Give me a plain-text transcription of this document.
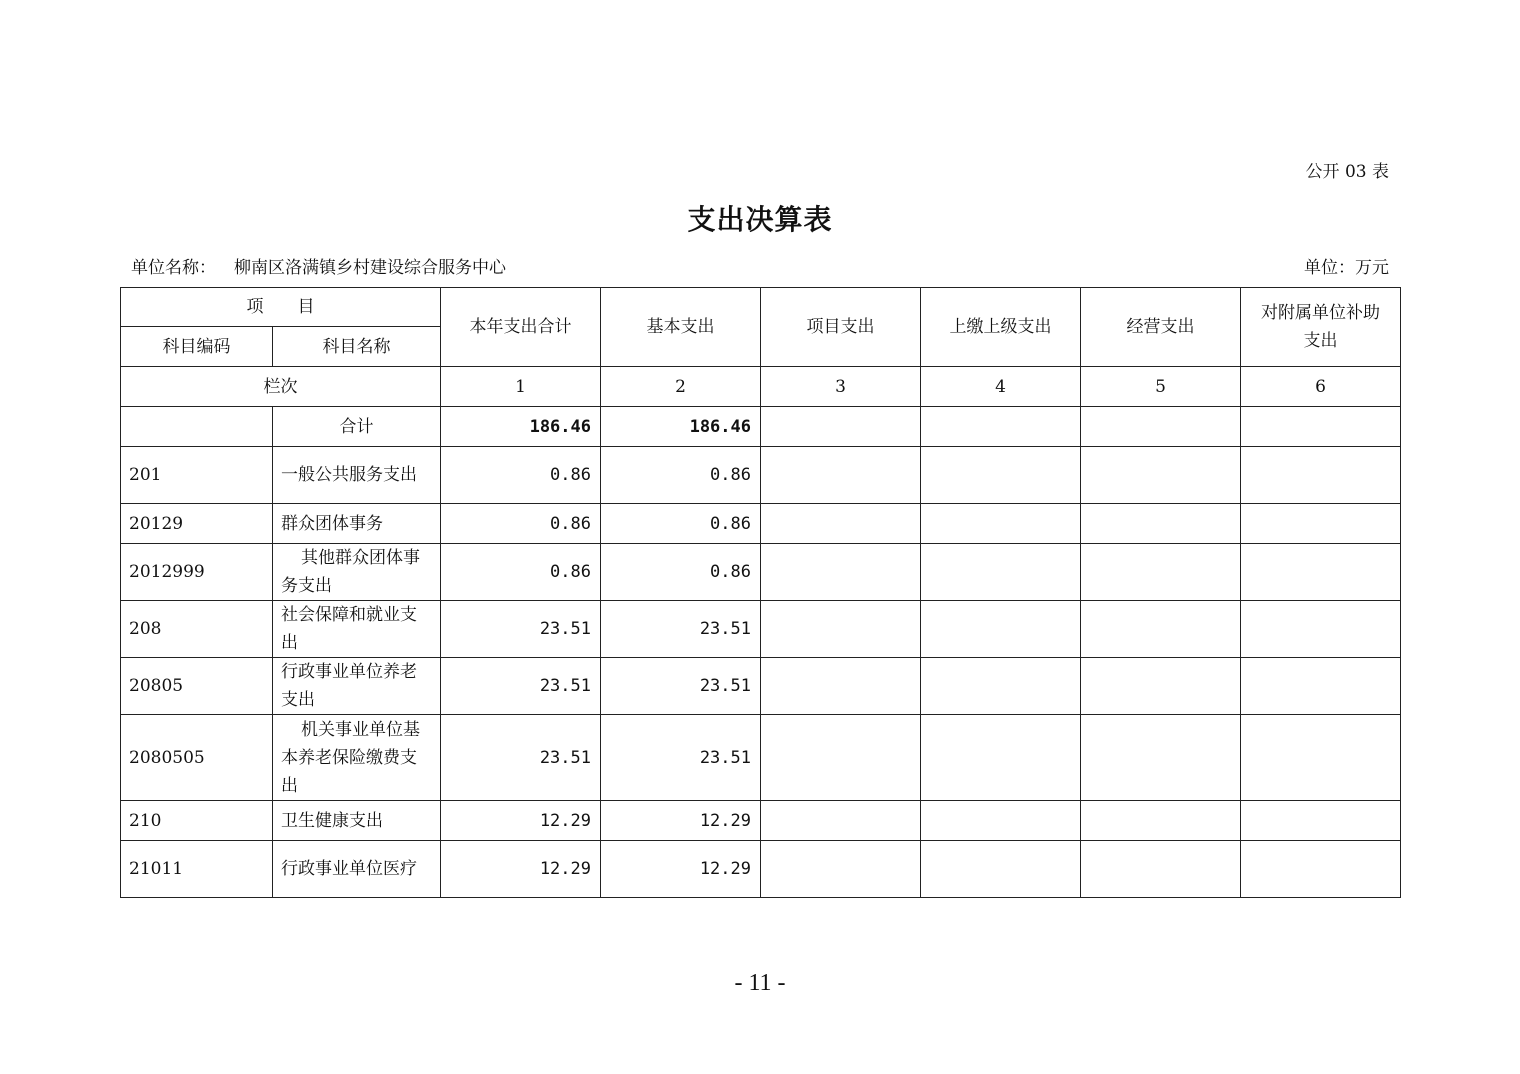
公开 03 表
支出决算表
单位名称： 柳南区洛满镇乡村建设综合服务中心	单位：万元
项　　目		本年支出合计	基本支出	项目支出	上缴上级支出	经营支出	对附属单位补助支出
科目编码	科目名称						
栏次		1	2	3	4	5	6
	合计	186.46	186.46				
201	一般公共服务支出	0.86	0.86				
20129	群众团体事务	0.86	0.86				
2012999	其他群众团体事务支出	0.86	0.86				
208	社会保障和就业支出	23.51	23.51				
20805	行政事业单位养老支出	23.51	23.51				
2080505	机关事业单位基本养老保险缴费支出	23.51	23.51				
210	卫生健康支出	12.29	12.29				
21011	行政事业单位医疗	12.29	12.29				
- 11 -
